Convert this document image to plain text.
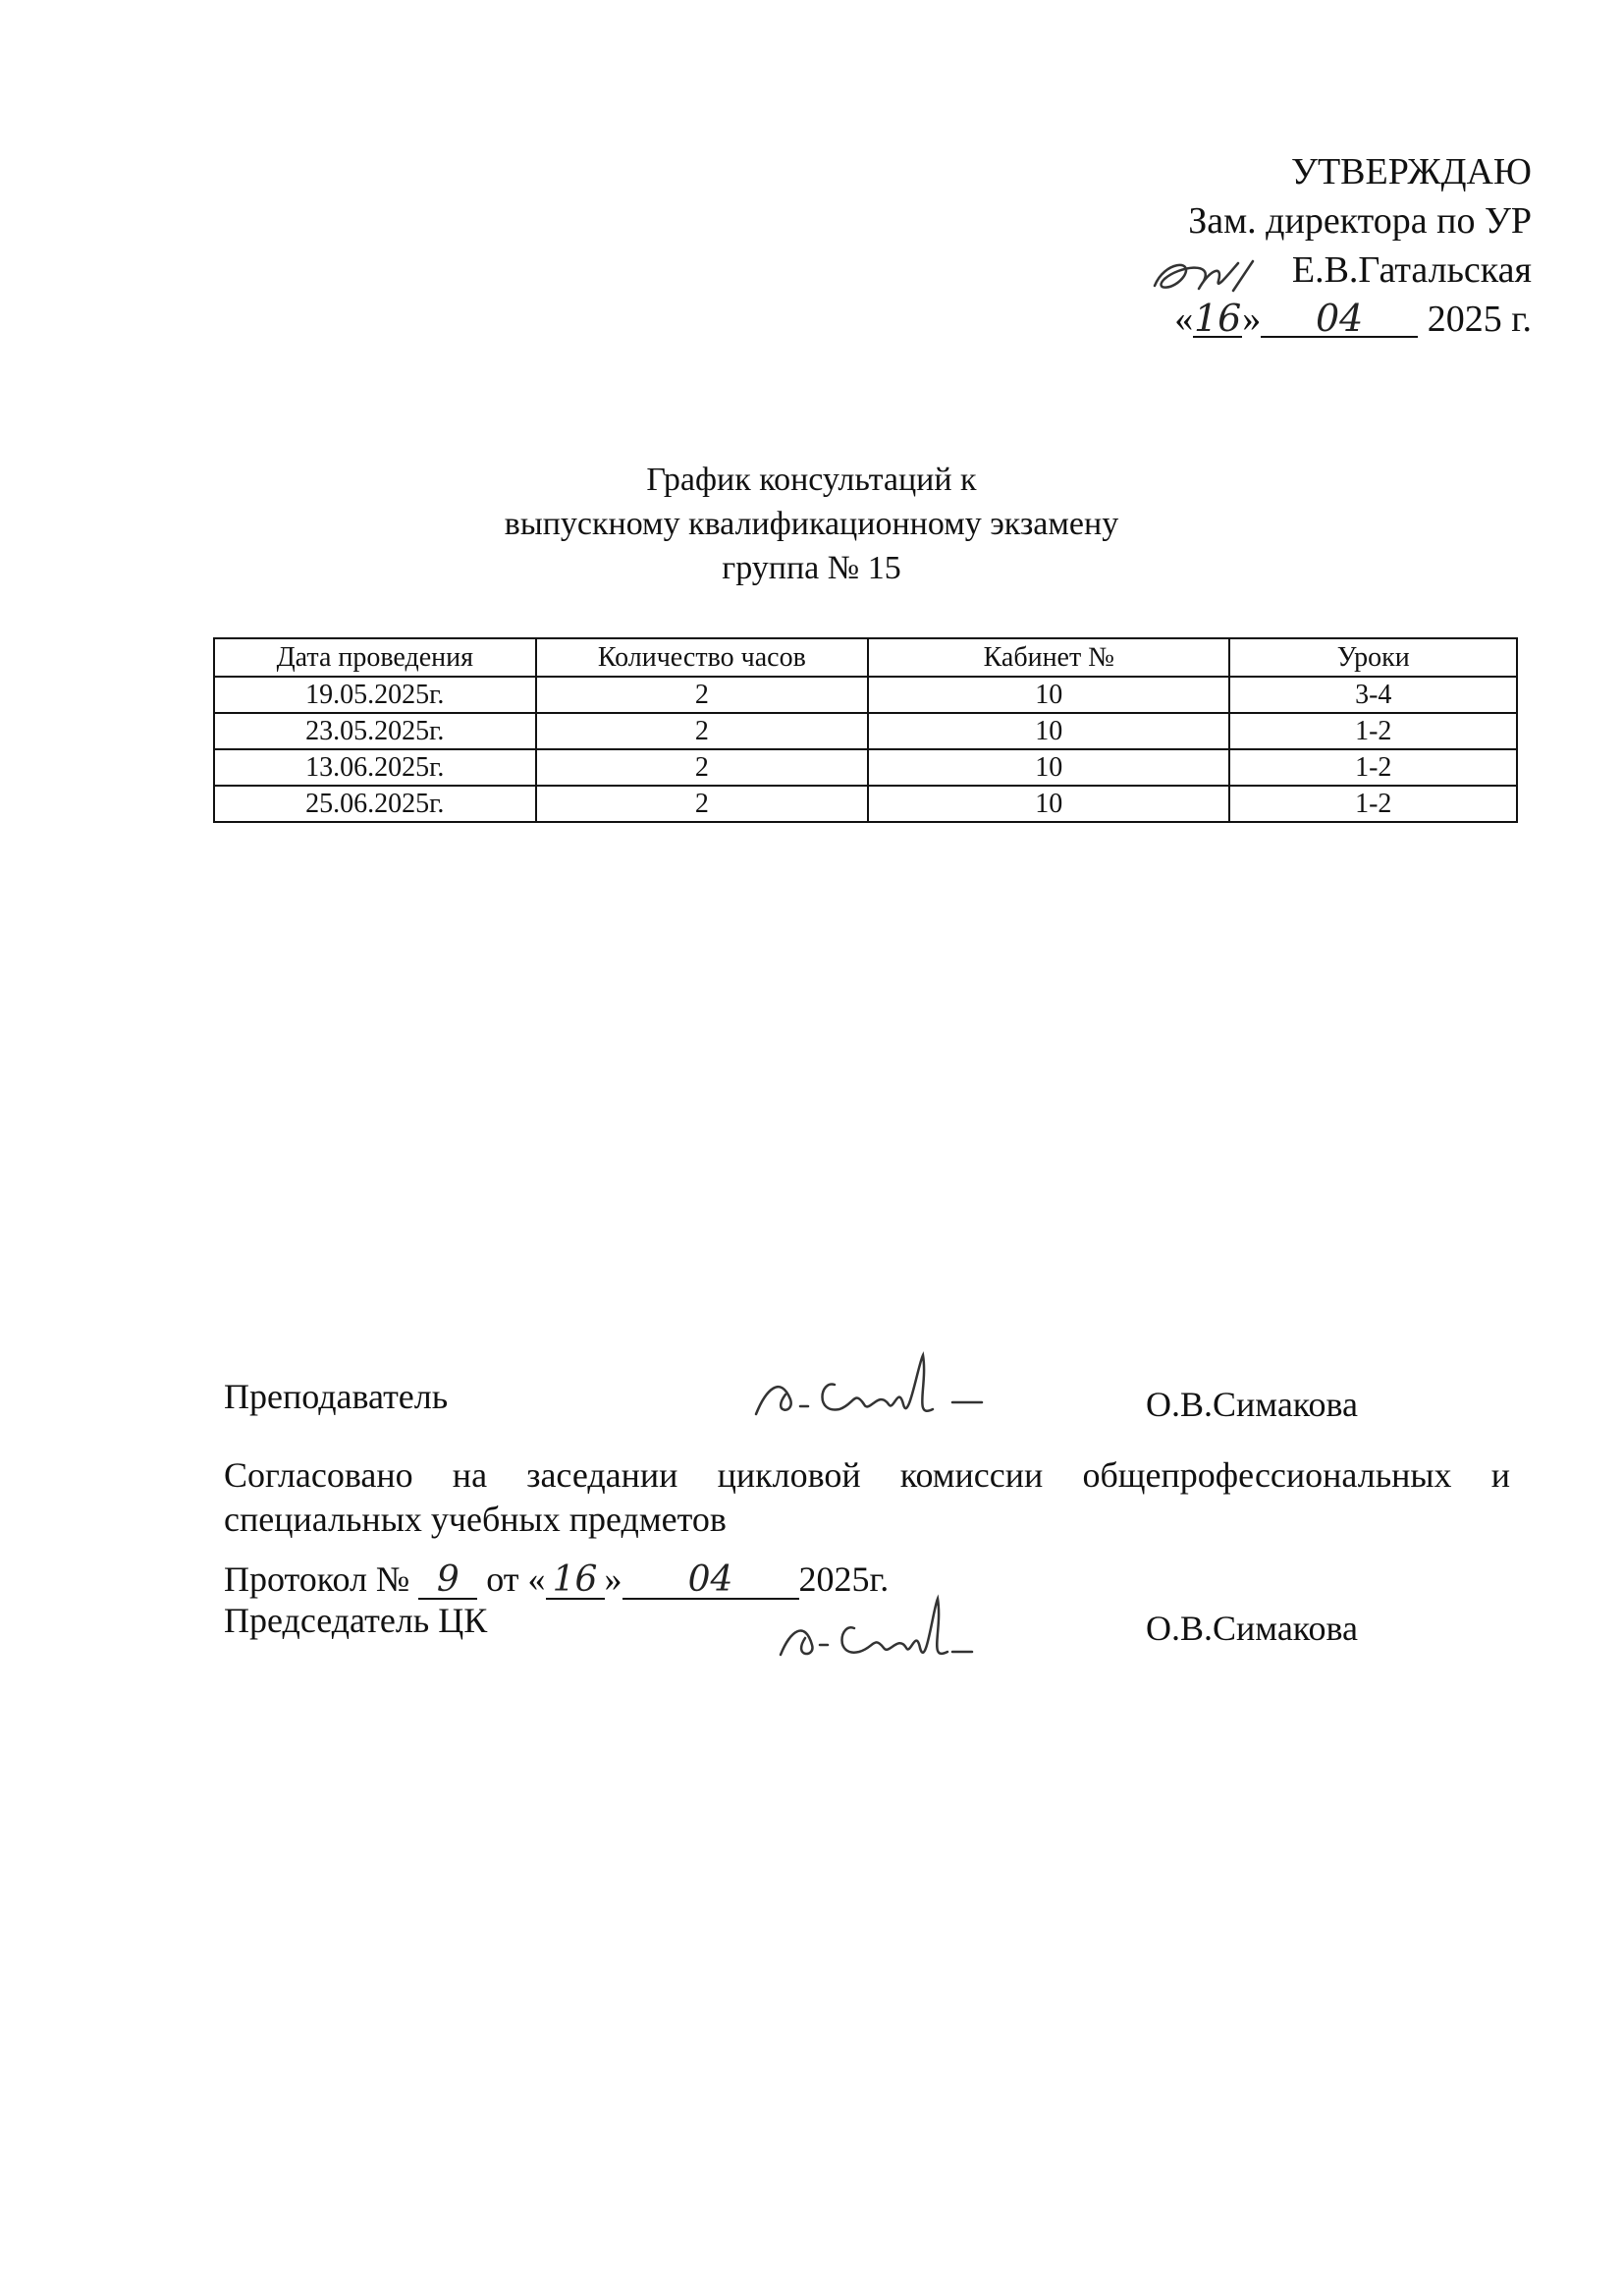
УТВЕРЖДАЮ
Зам. директора по УР
Е.В.Гатальская
«16» 04 2025 г.
График консультаций к
выпускному квалификационному экзамену
группа № 15
Дата проведения	Количество часов	Кабинет №	Уроки
19.05.2025г.	2	10	3-4
23.05.2025г.	2	10	1-2
13.06.2025г.	2	10	1-2
25.06.2025г.	2	10	1-2
Преподаватель	О.В.Симакова
Согласовано на заседании цикловой комиссии общепрофессиональных и специальных учебных предметов
Протокол № 9 от « 16 » 04 2025г.
Председатель ЦК	О.В.Симакова
